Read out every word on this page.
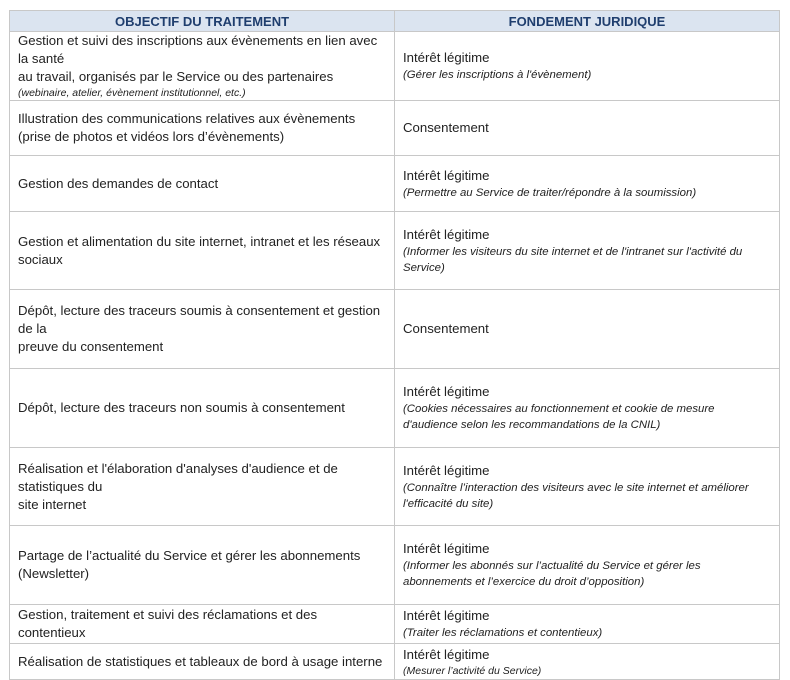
OBJECTIF DU TRAITEMENT	FONDEMENT JURIDIQUE

Gestion et suivi des inscriptions aux évènements en lien avec la santé
au travail, organisés par le Service ou des partenaires
(webinaire, atelier, évènement institutionnel, etc.)	Intérêt légitime
(Gérer les inscriptions à l'évènement)

Illustration des communications relatives aux évènements
(prise de photos et vidéos lors d’évènements)	Consentement

Gestion des demandes de contact	Intérêt légitime
(Permettre au Service de traiter/répondre à la soumission)

Gestion et alimentation du site internet, intranet et les réseaux
sociaux	Intérêt légitime
(Informer les visiteurs du site internet et de l'intranet sur l'activité du Service)

Dépôt, lecture des traceurs soumis à consentement et gestion de la
preuve du consentement	Consentement

Dépôt, lecture des traceurs non soumis à consentement	Intérêt légitime
(Cookies nécessaires au fonctionnement et cookie de mesure d'audience selon les recommandations de la CNIL)

Réalisation et l'élaboration d'analyses d'audience et de statistiques du
site internet	Intérêt légitime
(Connaître l’interaction des visiteurs avec le site internet et améliorer l'efficacité du site)

Partage de l’actualité du Service et gérer les abonnements
(Newsletter)	Intérêt légitime
(Informer les abonnés sur l’actualité du Service et gérer les abonnements et l’exercice du droit d’opposition)

Gestion, traitement et suivi des réclamations et des contentieux	Intérêt légitime
(Traiter les réclamations et contentieux)

Réalisation de statistiques et tableaux de bord à usage interne	Intérêt légitime
(Mesurer l’activité du Service)
